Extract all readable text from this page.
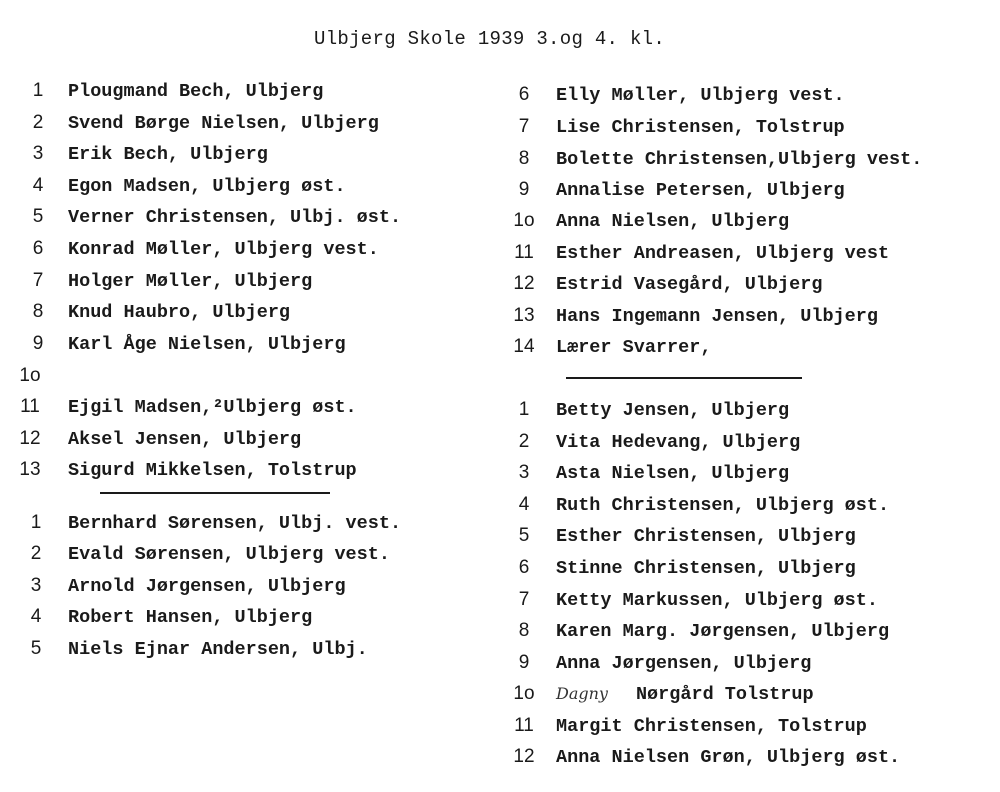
Ulbjerg Skole 1939 3.og 4. kl.
1 Plougmand Bech, Ulbjerg
2 Svend Børge Nielsen, Ulbjerg
3 Erik Bech, Ulbjerg
4 Egon Madsen, Ulbjerg øst.
5 Verner Christensen, Ulbj. øst.
6 Konrad Møller, Ulbjerg vest.
7 Holger Møller, Ulbjerg
8 Knud Haubro, Ulbjerg
9 Karl Åge Nielsen, Ulbjerg
1o
11 Ejgil Madsen,²Ulbjerg øst.
12 Aksel Jensen, Ulbjerg
13 Sigurd Mikkelsen, Tolstrup
1 Bernhard Sørensen, Ulbj. vest.
2 Evald Sørensen, Ulbjerg vest.
3 Arnold Jørgensen, Ulbjerg
4 Robert Hansen, Ulbjerg
5 Niels Ejnar Andersen, Ulbj.
6 Elly Møller, Ulbjerg vest.
7 Lise Christensen, Tolstrup
8 Bolette Christensen,Ulbjerg vest.
9 Annalise Petersen, Ulbjerg
1o Anna Nielsen, Ulbjerg
11 Esther Andreasen, Ulbjerg vest
12 Estrid Vasegård, Ulbjerg
13 Hans Ingemann Jensen, Ulbjerg
14 Lærer Svarrer,
1 Betty Jensen, Ulbjerg
2 Vita Hedevang, Ulbjerg
3 Asta Nielsen, Ulbjerg
4 Ruth Christensen, Ulbjerg øst.
5 Esther Christensen, Ulbjerg
6 Stinne Christensen, Ulbjerg
7 Ketty Markussen, Ulbjerg øst.
8 Karen Marg. Jørgensen, Ulbjerg
9 Anna Jørgensen, Ulbjerg
1o Dagny Nørgård Tolstrup
11 Margit Christensen, Tolstrup
12 Anna Nielsen Grøn, Ulbjerg øst.
